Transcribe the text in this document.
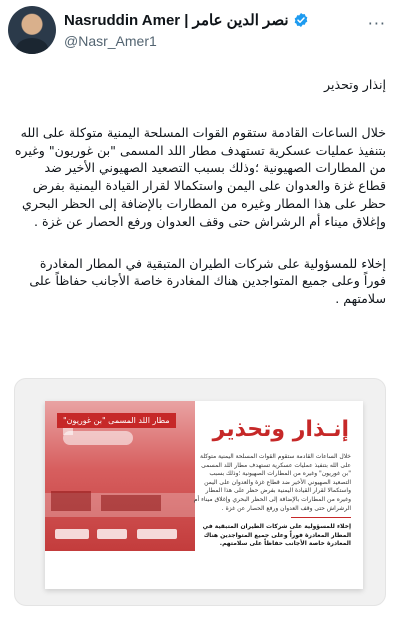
Nasruddin Amer | نصر الدين عامر
@Nasr_Amer1
···

إنذار وتحذير

خلال الساعات القادمة ستقوم القوات المسلحة اليمنية متوكلة على الله بتنفيذ عمليات عسكرية تستهدف مطار اللد المسمى "بن غوريون" وغيره من المطارات الصهيونية ؛وذلك بسبب التصعيد الصهيوني الأخير ضد قطاع غزة والعدوان على اليمن واستكمالا لقرار القيادة اليمنية بفرض حظر على هذا المطار وغيره من المطارات بالإضافة إلى الحظر البحري وإغلاق ميناء أم الرشراش حتى وقف العدوان ورفع الحصار عن غزة .

إخلاء للمسؤولية على شركات الطيران المتبقية في المطار المغادرة فوراً وعلى جميع المتواجدين هناك المغادرة خاصة الأجانب حفاظاً على سلامتهم .

مطار اللد المسمى "بن غوريون" إنـذار وتحذير
خلال الساعات القادمة ستقوم القوات المسلحة اليمنية متوكلة على الله بتنفيذ عمليات عسكرية تستهدف مطار اللد المسمى "بن غوريون" وغيره من المطارات الصهيونية ؛وذلك بسبب التصعيد الصهيوني الأخير ضد قطاع غزة والعدوان على اليمن واستكمالا لقرار القيادة اليمنية بفرض حظر على هذا المطار وغيره من المطارات بالإضافة إلى الحظر البحري وإغلاق ميناء أم الرشراش حتى وقف العدوان ورفع الحصار عن غزة .
إخلاء للمسؤولية على شركات الطيران المتبقية في المطار المغادرة فوراً وعلى جميع المتواجدين هناك المغادرة خاصة الأجانب حفاظاً على سلامتهم.
